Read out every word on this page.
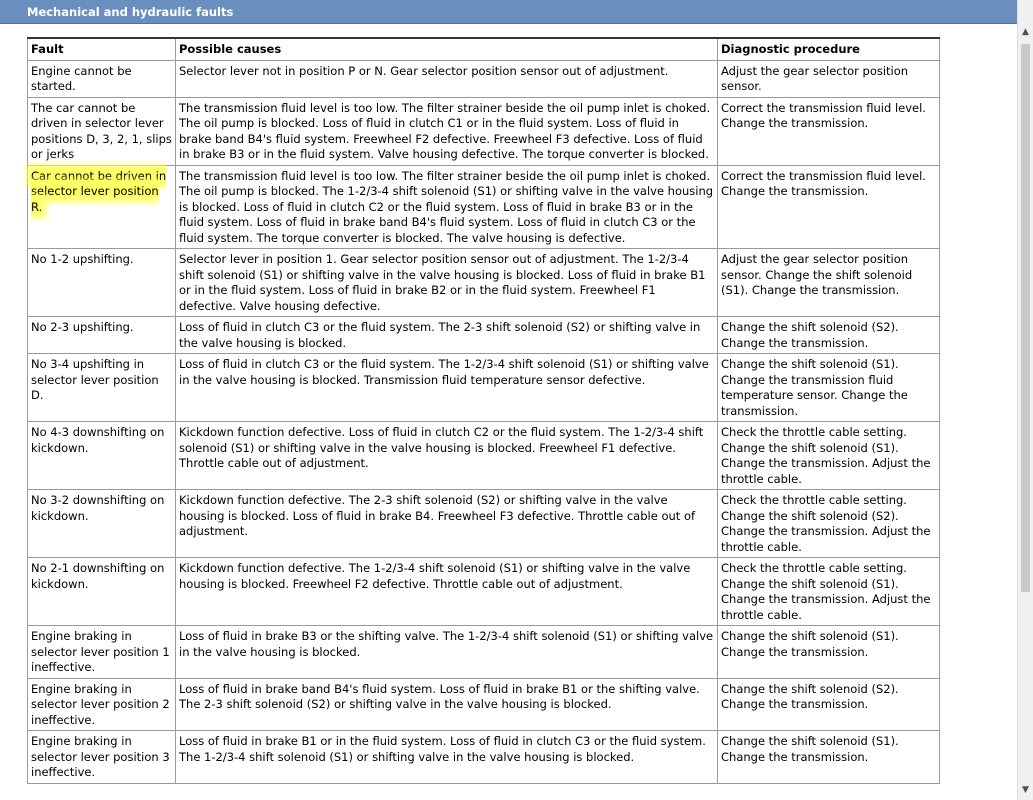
Mechanical and hydraulic faults
Fault	Possible causes	Diagnostic procedure
Engine cannot be started.	Selector lever not in position P or N. Gear selector position sensor out of adjustment.	Adjust the gear selector position sensor.
The car cannot be driven in selector lever positions D, 3, 2, 1, slips or jerks	The transmission fluid level is too low. The filter strainer beside the oil pump inlet is choked. The oil pump is blocked. Loss of fluid in clutch C1 or in the fluid system. Loss of fluid in brake band B4's fluid system. Freewheel F2 defective. Freewheel F3 defective. Loss of fluid in brake B3 or in the fluid system. Valve housing defective. The torque converter is blocked.	Correct the transmission fluid level. Change the transmission.
Car cannot be driven in selector lever position R.	The transmission fluid level is too low. The filter strainer beside the oil pump inlet is choked. The oil pump is blocked. The 1-2/3-4 shift solenoid (S1) or shifting valve in the valve housing is blocked. Loss of fluid in clutch C2 or the fluid system. Loss of fluid in brake B3 or in the fluid system. Loss of fluid in brake band B4's fluid system. Loss of fluid in clutch C3 or the fluid system. The torque converter is blocked. The valve housing is defective.	Correct the transmission fluid level. Change the transmission.
No 1-2 upshifting.	Selector lever in position 1. Gear selector position sensor out of adjustment. The 1-2/3-4 shift solenoid (S1) or shifting valve in the valve housing is blocked. Loss of fluid in brake B1 or in the fluid system. Loss of fluid in brake B2 or in the fluid system. Freewheel F1 defective. Valve housing defective.	Adjust the gear selector position sensor. Change the shift solenoid (S1). Change the transmission.
No 2-3 upshifting.	Loss of fluid in clutch C3 or the fluid system. The 2-3 shift solenoid (S2) or shifting valve in the valve housing is blocked.	Change the shift solenoid (S2). Change the transmission.
No 3-4 upshifting in selector lever position D.	Loss of fluid in clutch C3 or the fluid system. The 1-2/3-4 shift solenoid (S1) or shifting valve in the valve housing is blocked. Transmission fluid temperature sensor defective.	Change the shift solenoid (S1). Change the transmission fluid temperature sensor. Change the transmission.
No 4-3 downshifting on kickdown.	Kickdown function defective. Loss of fluid in clutch C2 or the fluid system. The 1-2/3-4 shift solenoid (S1) or shifting valve in the valve housing is blocked. Freewheel F1 defective. Throttle cable out of adjustment.	Check the throttle cable setting. Change the shift solenoid (S1). Change the transmission. Adjust the throttle cable.
No 3-2 downshifting on kickdown.	Kickdown function defective. The 2-3 shift solenoid (S2) or shifting valve in the valve housing is blocked. Loss of fluid in brake B4. Freewheel F3 defective. Throttle cable out of adjustment.	Check the throttle cable setting. Change the shift solenoid (S2). Change the transmission. Adjust the throttle cable.
No 2-1 downshifting on kickdown.	Kickdown function defective. The 1-2/3-4 shift solenoid (S1) or shifting valve in the valve housing is blocked. Freewheel F2 defective. Throttle cable out of adjustment.	Check the throttle cable setting. Change the shift solenoid (S1). Change the transmission. Adjust the throttle cable.
Engine braking in selector lever position 1 ineffective.	Loss of fluid in brake B3 or the shifting valve. The 1-2/3-4 shift solenoid (S1) or shifting valve in the valve housing is blocked.	Change the shift solenoid (S1). Change the transmission.
Engine braking in selector lever position 2 ineffective.	Loss of fluid in brake band B4's fluid system. Loss of fluid in brake B1 or the shifting valve. The 2-3 shift solenoid (S2) or shifting valve in the valve housing is blocked.	Change the shift solenoid (S2). Change the transmission.
Engine braking in selector lever position 3 ineffective.	Loss of fluid in brake B1 or in the fluid system. Loss of fluid in clutch C3 or the fluid system. The 1-2/3-4 shift solenoid (S1) or shifting valve in the valve housing is blocked.	Change the shift solenoid (S1). Change the transmission.
▲
▼
